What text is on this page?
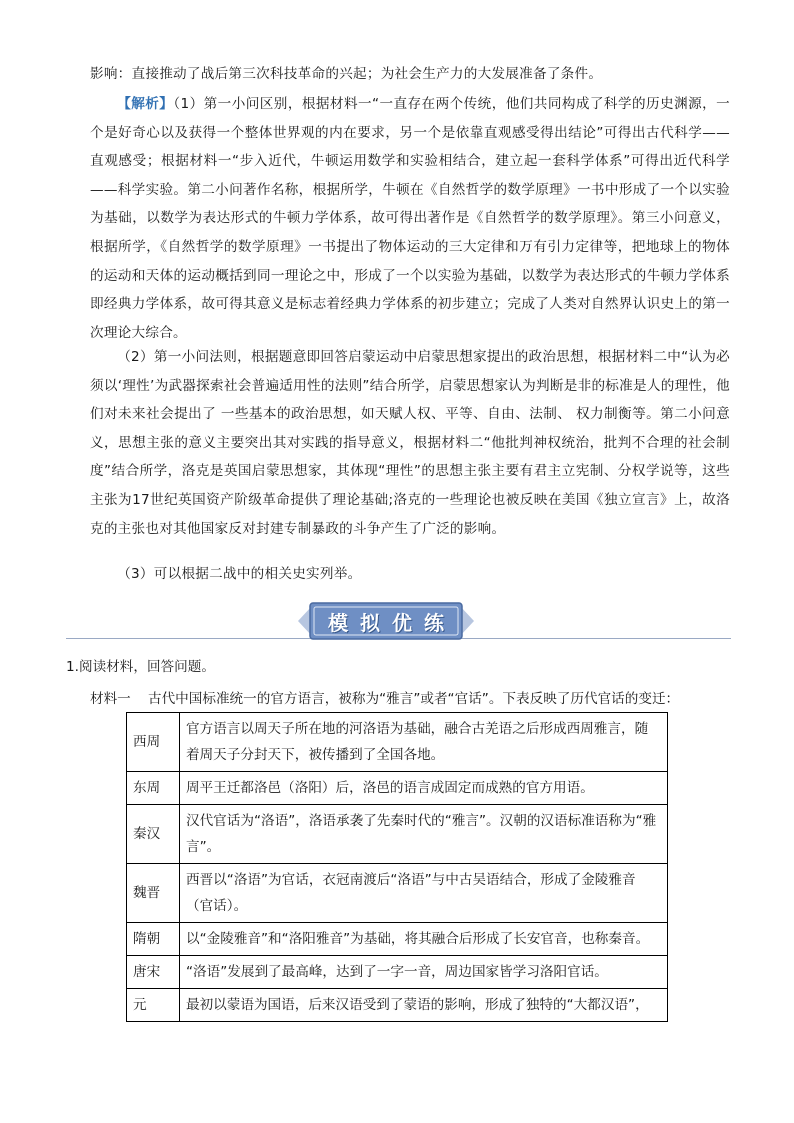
影响：直接推动了战后第三次科技革命的兴起；为社会生产力的大发展准备了条件。
【解析】（1）第一小问区别，根据材料一“一直存在两个传统，他们共同构成了科学的历史渊源，一个是好奇心以及获得一个整体世界观的内在要求，另一个是依靠直观感受得出结论”可得出古代科学——直观感受；根据材料一“步入近代，牛顿运用数学和实验相结合，建立起一套科学体系”可得出近代科学——科学实验。第二小问著作名称，根据所学，牛顿在《自然哲学的数学原理》一书中形成了一个以实验为基础，以数学为表达形式的牛顿力学体系，故可得出著作是《自然哲学的数学原理》。第三小问意义，根据所学，《自然哲学的数学原理》一书提出了物体运动的三大定律和万有引力定律等，把地球上的物体的运动和天体的运动概括到同一理论之中，形成了一个以实验为基础，以数学为表达形式的牛顿力学体系即经典力学体系，故可得其意义是标志着经典力学体系的初步建立；完成了人类对自然界认识史上的第一次理论大综合。
（2）第一小问法则，根据题意即回答启蒙运动中启蒙思想家提出的政治思想，根据材料二中“认为必须以‘理性’为武器探索社会普遍适用性的法则”结合所学，启蒙思想家认为判断是非的标准是人的理性，他们对未来社会提出了 一些基本的政治思想，如天赋人权、平等、自由、法制、 权力制衡等。第二小问意义，思想主张的意义主要突出其对实践的指导意义，根据材料二“他批判神权统治，批判不合理的社会制度”结合所学，洛克是英国启蒙思想家，其体现“理性”的思想主张主要有君主立宪制、分权学说等，这些主张为17世纪英国资产阶级革命提供了理论基础;洛克的一些理论也被反映在美国《独立宣言》上，故洛克的主张也对其他国家反对封建专制暴政的斗争产生了广泛的影响。
（3）可以根据二战中的相关史实列举。
模拟优练
1.阅读材料，回答问题。
材料一 古代中国标准统一的官方语言，被称为“雅言”或者“官话”。下表反映了历代官话的变迁：
西周	官方语言以周天子所在地的河洛语为基础，融合古羌语之后形成西周雅言，随着周天子分封天下，被传播到了全国各地。
东周	周平王迁都洛邑（洛阳）后，洛邑的语言成固定而成熟的官方用语。
秦汉	汉代官话为“洛语”，洛语承袭了先秦时代的“雅言”。汉朝的汉语标准语称为“雅言”。
魏晋	西晋以“洛语”为官话，衣冠南渡后“洛语”与中古吴语结合，形成了金陵雅音（官话）。
隋朝	以“金陵雅音”和“洛阳雅音”为基础，将其融合后形成了长安官音，也称秦音。
唐宋	“洛语”发展到了最高峰，达到了一字一音，周边国家皆学习洛阳官话。
元	最初以蒙语为国语，后来汉语受到了蒙语的影响，形成了独特的“大都汉语”，
